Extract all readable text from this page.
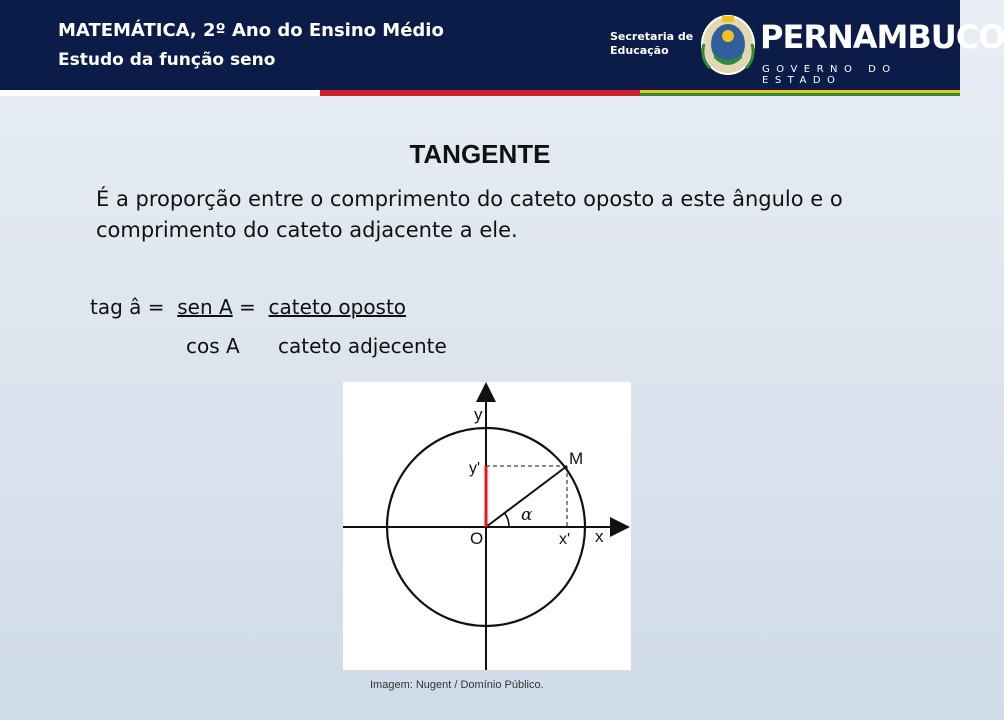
MATEMÁTICA, 2º Ano do Ensino Médio
Estudo da função seno
Secretaria de
Educação	PERNAMBUCO
GOVERNO DO ESTADO
TANGENTE
É a proporção entre o comprimento do cateto oposto a este ângulo e o comprimento do cateto adjacente a ele.
tag â =  sen A =  cateto oposto
cos A cateto adjecente
y
x
O
M
y'
x'
α
Imagem: Nugent / Domínio Público.
